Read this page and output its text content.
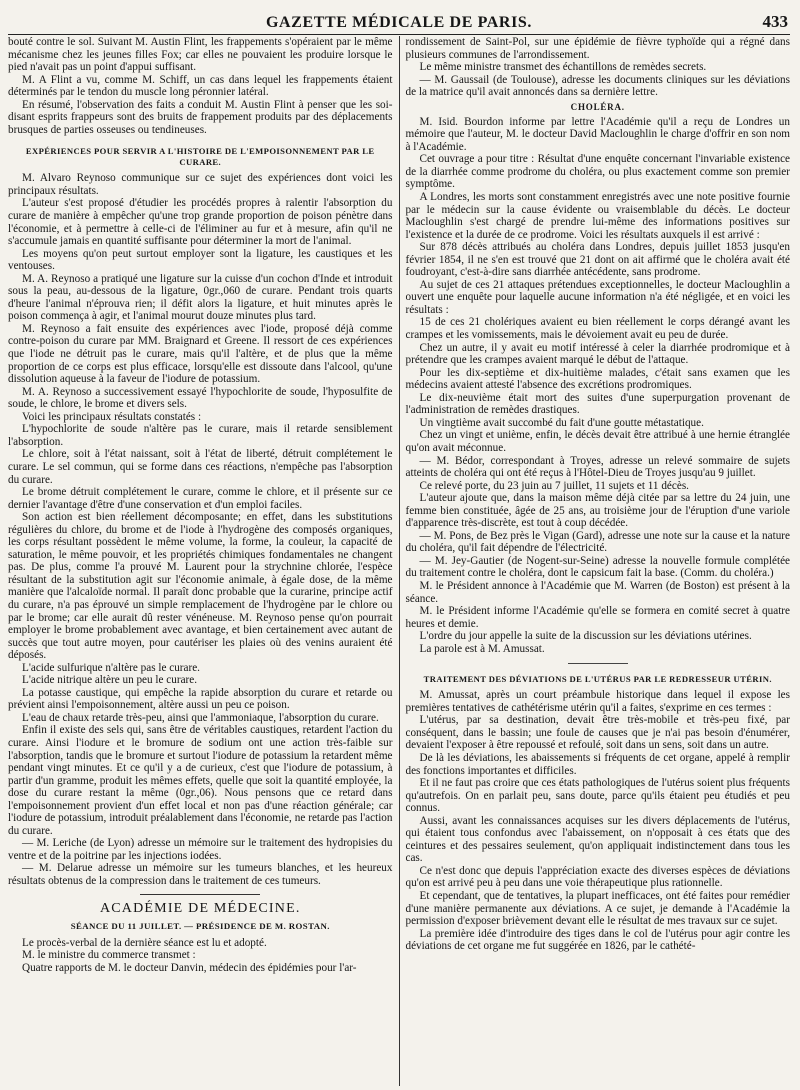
GAZETTE MÉDICALE DE PARIS.	433

bouté contre le sol. Suivant M. Austin Flint, les frappements s'opéraient par le même mécanisme chez les jeunes filles Fox; car elles ne pouvaient les produire lorsque le pied n'avait pas un point d'appui suffisant.

M. A Flint a vu, comme M. Schiff, un cas dans lequel les frappements étaient déterminés par le tendon du muscle long péronnier latéral.

En résumé, l'observation des faits a conduit M. Austin Flint à penser que les soi-disant esprits frappeurs sont des bruits de frappement produits par des déplacements brusques de parties osseuses ou tendineuses.

EXPÉRIENCES POUR SERVIR A L'HISTOIRE DE L'EMPOISONNEMENT PAR LE CURARE.

M. Alvaro Reynoso communique sur ce sujet des expériences dont voici les principaux résultats.

L'auteur s'est proposé d'étudier les procédés propres à ralentir l'absorption du curare de manière à empêcher qu'une trop grande proportion de poison pénètre dans l'économie, et à permettre à celle-ci de l'éliminer au fur et à mesure, afin qu'il ne s'accumule jamais en quantité suffisante pour déterminer la mort de l'animal.

Les moyens qu'on peut surtout employer sont la ligature, les caustiques et les ventouses.

M. A. Reynoso a pratiqué une ligature sur la cuisse d'un cochon d'Inde et introduit sous la peau, au-dessous de la ligature, 0gr.,060 de curare. Pendant trois quarts d'heure l'animal n'éprouva rien; il défit alors la ligature, et huit minutes après le poison commença à agir, et l'animal mourut douze minutes plus tard.

M. Reynoso a fait ensuite des expériences avec l'iode, proposé déjà comme contre-poison du curare par MM. Braignard et Greene. Il ressort de ces expériences que l'iode ne détruit pas le curare, mais qu'il l'altère, et de plus que la même proportion de ce corps est plus efficace, lorsqu'elle est dissoute dans l'alcool, qu'une dissolution aqueuse à la faveur de l'iodure de potassium.

M. A. Reynoso a successivement essayé l'hypochlorite de soude, l'hyposulfite de soude, le chlore, le brome et divers sels.

Voici les principaux résultats constatés :

L'hypochlorite de soude n'altère pas le curare, mais il retarde sensiblement l'absorption.

Le chlore, soit à l'état naissant, soit à l'état de liberté, détruit complétement le curare. Le sel commun, qui se forme dans ces réactions, n'empêche pas l'absorption du curare.

Le brome détruit complétement le curare, comme le chlore, et il présente sur ce dernier l'avantage d'être d'une conservation et d'un emploi faciles.

Son action est bien réellement décomposante; en effet, dans les substitutions régulières du chlore, du brome et de l'iode à l'hydrogène des composés organiques, les corps résultant possèdent le même volume, la forme, la couleur, la capacité de saturation, le même pouvoir, et les propriétés chimiques fondamentales ne changent pas. De plus, comme l'a prouvé M. Laurent pour la strychnine chlorée, l'espèce résultant de la substitution agit sur l'économie animale, à égale dose, de la même manière que l'alcaloïde normal. Il paraît donc probable que la curarine, principe actif du curare, n'a pas éprouvé un simple remplacement de l'hydrogène par le chlore ou par le brome; car elle aurait dû rester vénéneuse. M. Reynoso pense qu'on pourrait employer le brome probablement avec avantage, et bien certainement avec autant de succès que tout autre moyen, pour cautériser les plaies où des venins auraient été déposés.

L'acide sulfurique n'altère pas le curare.

L'acide nitrique altère un peu le curare.

La potasse caustique, qui empêche la rapide absorption du curare et retarde ou prévient ainsi l'empoisonnement, altère aussi un peu ce poison.

L'eau de chaux retarde très-peu, ainsi que l'ammoniaque, l'absorption du curare.

Enfin il existe des sels qui, sans être de véritables caustiques, retardent l'action du curare. Ainsi l'iodure et le bromure de sodium ont une action très-faible sur l'absorption, tandis que le bromure et surtout l'iodure de potassium la retardent même pendant vingt minutes. Et ce qu'il y a de curieux, c'est que l'iodure de potassium, à partir d'un gramme, produit les mêmes effets, quelle que soit la quantité employée, la dose du curare restant la même (0gr.,06). Nous pensons que ce retard dans l'empoisonnement provient d'un effet local et non pas d'une réaction générale; car l'iodure de potassium, introduit préalablement dans l'économie, ne retarde pas l'action du curare.

— M. Leriche (de Lyon) adresse un mémoire sur le traitement des hydropisies du ventre et de la poitrine par les injections iodées.

— M. Delarue adresse un mémoire sur les tumeurs blanches, et les heureux résultats obtenus de la compression dans le traitement de ces tumeurs.

ACADÉMIE DE MÉDECINE.
SÉANCE DU 11 JUILLET. — PRÉSIDENCE DE M. ROSTAN.

Le procès-verbal de la dernière séance est lu et adopté.

M. le ministre du commerce transmet :

Quatre rapports de M. le docteur Danvin, médecin des épidémies pour l'ar-

rondissement de Saint-Pol, sur une épidémie de fièvre typhoïde qui a régné dans plusieurs communes de l'arrondissement.

Le même ministre transmet des échantillons de remèdes secrets.

— M. Gaussail (de Toulouse), adresse les documents cliniques sur les déviations de la matrice qu'il avait annoncés dans sa dernière lettre.

CHOLÉRA.

M. Isid. Bourdon informe par lettre l'Académie qu'il a reçu de Londres un mémoire que l'auteur, M. le docteur David Macloughlin le charge d'offrir en son nom à l'Académie.

Cet ouvrage a pour titre : Résultat d'une enquête concernant l'invariable existence de la diarrhée comme prodrome du choléra, ou plus exactement comme son premier symptôme.

A Londres, les morts sont constamment enregistrés avec une note positive fournie par le médecin sur la cause évidente ou vraisemblable du décès. Le docteur Macloughlin s'est chargé de prendre lui-même des informations positives sur l'existence et la durée de ce prodrome. Voici les résultats auxquels il est arrivé :

Sur 878 décès attribués au choléra dans Londres, depuis juillet 1853 jusqu'en février 1854, il ne s'en est trouvé que 21 dont on ait affirmé que le choléra avait été foudroyant, c'est-à-dire sans diarrhée antécédente, sans prodrome.

Au sujet de ces 21 attaques prétendues exceptionnelles, le docteur Macloughlin a ouvert une enquête pour laquelle aucune information n'a été négligée, et en voici les résultats :

15 de ces 21 cholériques avaient eu bien réellement le corps dérangé avant les crampes et les vomissements, mais le dévoiement avait eu peu de durée.

Chez un autre, il y avait eu motif intéressé à celer la diarrhée prodromique et à prétendre que les crampes avaient marqué le début de l'attaque.

Pour les dix-septième et dix-huitième malades, c'était sans examen que les médecins avaient attesté l'absence des excrétions prodromiques.

Le dix-neuvième était mort des suites d'une superpurgation provenant de l'administration de remèdes drastiques.

Un vingtième avait succombé du fait d'une goutte métastatique.

Chez un vingt et unième, enfin, le décès devait être attribué à une hernie étranglée qu'on avait méconnue.

— M. Bédor, correspondant à Troyes, adresse un relevé sommaire de sujets atteints de choléra qui ont été reçus à l'Hôtel-Dieu de Troyes jusqu'au 9 juillet.

Ce relevé porte, du 23 juin au 7 juillet, 11 sujets et 11 décès.

L'auteur ajoute que, dans la maison même déjà citée par sa lettre du 24 juin, une femme bien constituée, âgée de 25 ans, au troisième jour de l'éruption d'une variole d'apparence très-discrète, est tout à coup décédée.

— M. Pons, de Bez près le Vigan (Gard), adresse une note sur la cause et la nature du choléra, qu'il fait dépendre de l'électricité.

— M. Jey-Gautier (de Nogent-sur-Seine) adresse la nouvelle formule complétée du traitement contre le choléra, dont le capsicum fait la base. (Comm. du choléra.)

M. le Président annonce à l'Académie que M. Warren (de Boston) est présent à la séance.

M. le Président informe l'Académie qu'elle se formera en comité secret à quatre heures et demie.

L'ordre du jour appelle la suite de la discussion sur les déviations utérines.

La parole est à M. Amussat.

TRAITEMENT DES DÉVIATIONS DE L'UTÉRUS PAR LE REDRESSEUR UTÉRIN.

M. Amussat, après un court préambule historique dans lequel il expose les premières tentatives de cathétérisme utérin qu'il a faites, s'exprime en ces termes :

L'utérus, par sa destination, devait être très-mobile et très-peu fixé, par conséquent, dans le bassin; une foule de causes que je n'ai pas besoin d'énumérer, devaient l'exposer à être repoussé et refoulé, soit dans un sens, soit dans un autre.

De là les déviations, les abaissements si fréquents de cet organe, appelé à remplir des fonctions importantes et difficiles.

Et il ne faut pas croire que ces états pathologiques de l'utérus soient plus fréquents qu'autrefois. On en parlait peu, sans doute, parce qu'ils étaient peu étudiés et peu connus.

Aussi, avant les connaissances acquises sur les divers déplacements de l'utérus, qui étaient tous confondus avec l'abaissement, on n'opposait à ces états que des ceintures et des pessaires seulement, qu'on appliquait indistinctement dans tous les cas.

Ce n'est donc que depuis l'appréciation exacte des diverses espèces de déviations qu'on est arrivé peu à peu dans une voie thérapeutique plus rationnelle.

Et cependant, que de tentatives, la plupart inefficaces, ont été faites pour remédier d'une manière permanente aux déviations. A ce sujet, je demande à l'Académie la permission d'exposer brièvement devant elle le résultat de mes travaux sur ce sujet.

La première idée d'introduire des tiges dans le col de l'utérus pour agir contre les déviations de cet organe me fut suggérée en 1826, par le cathété-
